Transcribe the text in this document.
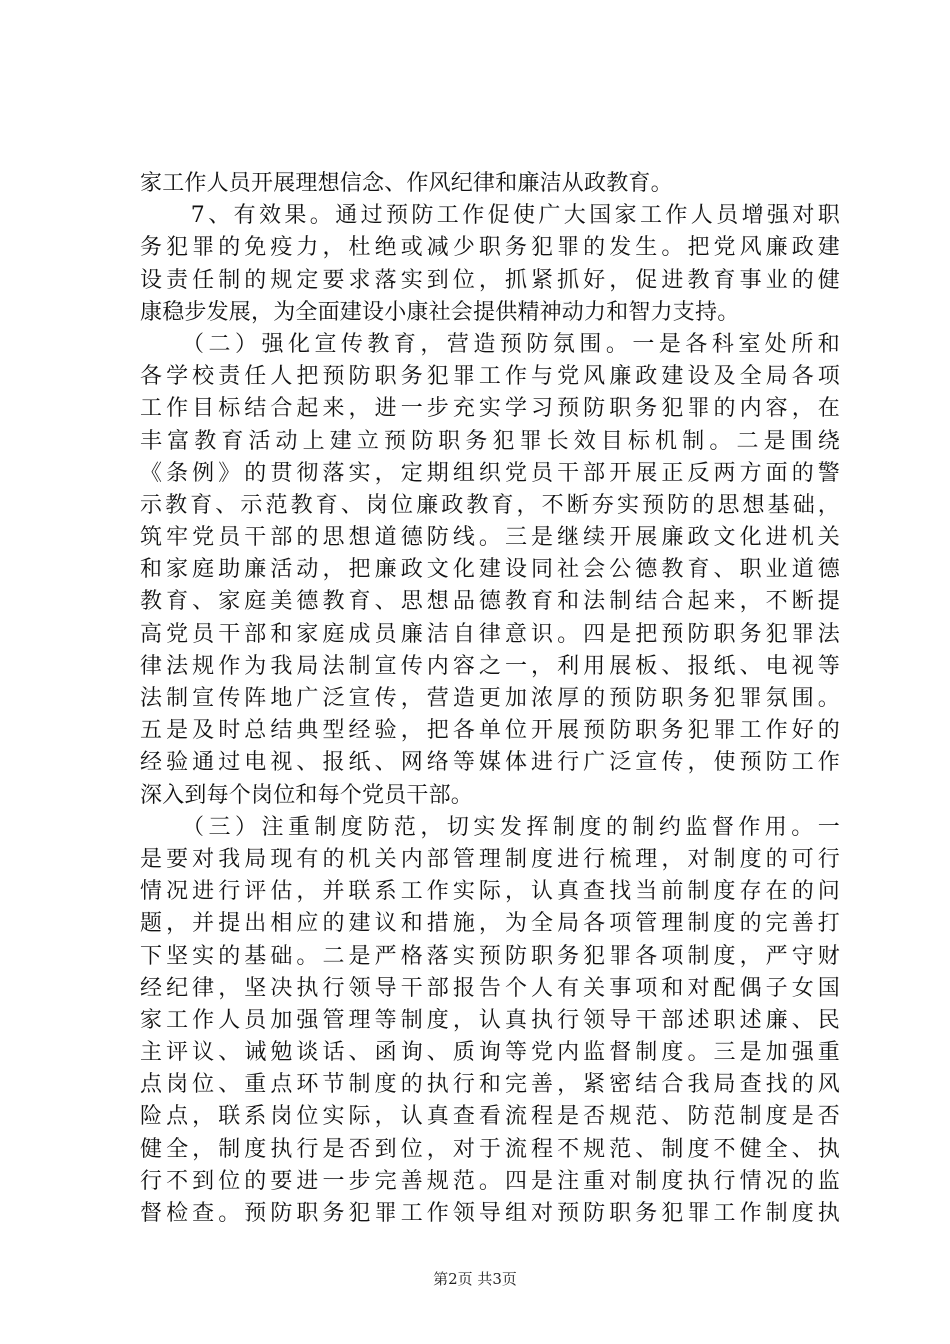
家工作人员开展理想信念、作风纪律和廉洁从政教育。
　　7、有效果。通过预防工作促使广大国家工作人员增强对职
务犯罪的免疫力，杜绝或减少职务犯罪的发生。把党风廉政建
设责任制的规定要求落实到位，抓紧抓好，促进教育事业的健
康稳步发展，为全面建设小康社会提供精神动力和智力支持。
　　（二）强化宣传教育，营造预防氛围。一是各科室处所和
各学校责任人把预防职务犯罪工作与党风廉政建设及全局各项
工作目标结合起来，进一步充实学习预防职务犯罪的内容，在
丰富教育活动上建立预防职务犯罪长效目标机制。二是围绕
《条例》的贯彻落实，定期组织党员干部开展正反两方面的警
示教育、示范教育、岗位廉政教育，不断夯实预防的思想基础，
筑牢党员干部的思想道德防线。三是继续开展廉政文化进机关
和家庭助廉活动，把廉政文化建设同社会公德教育、职业道德
教育、家庭美德教育、思想品德教育和法制结合起来，不断提
高党员干部和家庭成员廉洁自律意识。四是把预防职务犯罪法
律法规作为我局法制宣传内容之一，利用展板、报纸、电视等
法制宣传阵地广泛宣传，营造更加浓厚的预防职务犯罪氛围。
五是及时总结典型经验，把各单位开展预防职务犯罪工作好的
经验通过电视、报纸、网络等媒体进行广泛宣传，使预防工作
深入到每个岗位和每个党员干部。
　　（三）注重制度防范，切实发挥制度的制约监督作用。一
是要对我局现有的机关内部管理制度进行梳理，对制度的可行
情况进行评估，并联系工作实际，认真查找当前制度存在的问
题，并提出相应的建议和措施，为全局各项管理制度的完善打
下坚实的基础。二是严格落实预防职务犯罪各项制度，严守财
经纪律，坚决执行领导干部报告个人有关事项和对配偶子女国
家工作人员加强管理等制度，认真执行领导干部述职述廉、民
主评议、诫勉谈话、函询、质询等党内监督制度。三是加强重
点岗位、重点环节制度的执行和完善，紧密结合我局查找的风
险点，联系岗位实际，认真查看流程是否规范、防范制度是否
健全，制度执行是否到位，对于流程不规范、制度不健全、执
行不到位的要进一步完善规范。四是注重对制度执行情况的监
督检查。预防职务犯罪工作领导组对预防职务犯罪工作制度执
第2页 共3页
